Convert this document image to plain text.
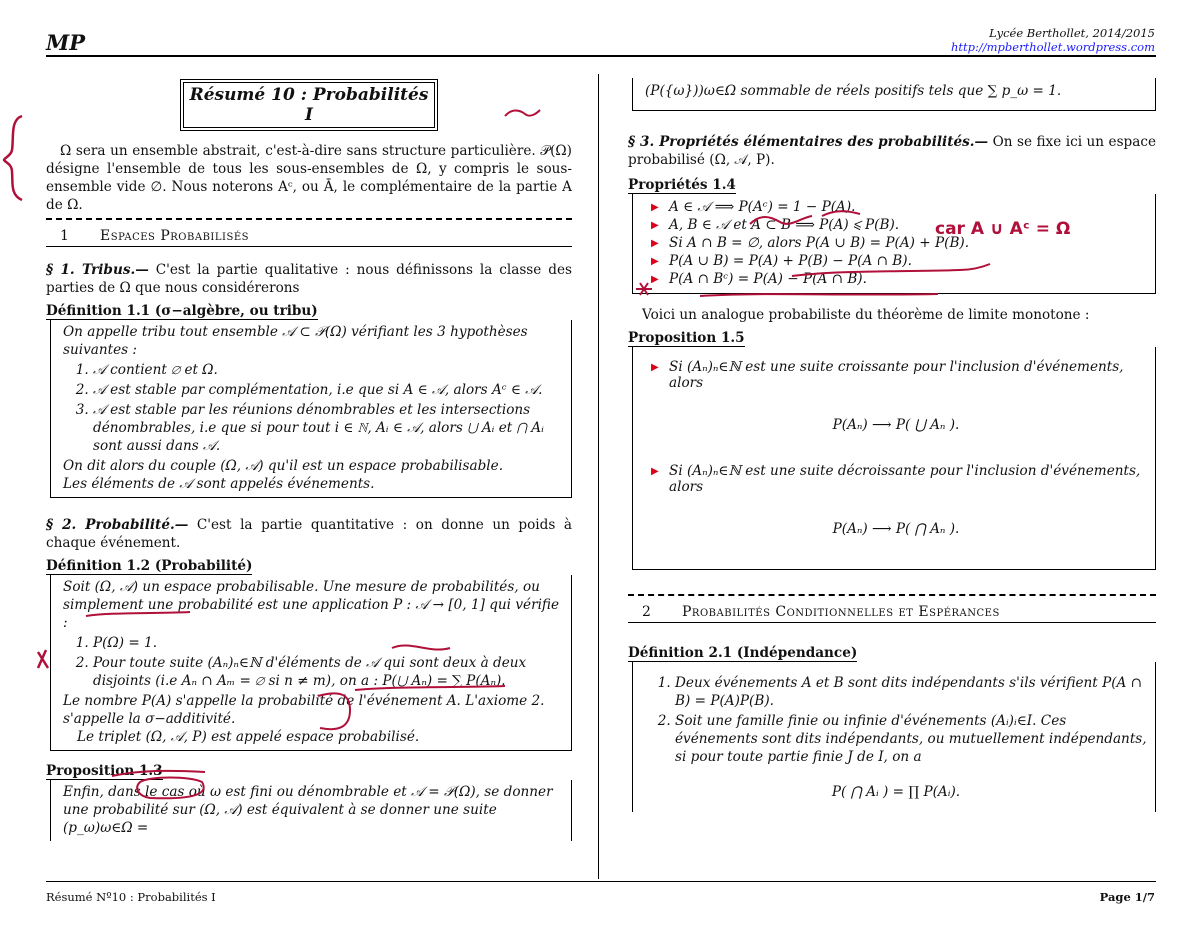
MP	Lycée Berthollet, 2014/2015
http://mpberthollet.wordpress.com
Résumé 10 : Probabilités I

Ω sera un ensemble abstrait, c'est-à-dire sans structure particulière. 𝒫(Ω) désigne l'ensemble de tous les sous-ensembles de Ω, y compris le sous-ensemble vide ∅. Nous noterons Aᶜ, ou Ā, le complémentaire de la partie A de Ω.

1 Espaces Probabilisés

§ 1. Tribus.— C'est la partie qualitative : nous définissons la classe des parties de Ω que nous considérerons

Définition 1.1 (σ−algèbre, ou tribu)

On appelle tribu tout ensemble 𝒜 ⊂ 𝒫(Ω) vérifiant les 3 hypothèses suivantes :

1. 𝒜 contient ∅ et Ω.
2. 𝒜 est stable par complémentation, i.e que si A ∈ 𝒜, alors Aᶜ ∈ 𝒜.
3. 𝒜 est stable par les réunions dénombrables et les intersections dénombrables, i.e que si pour tout i ∈ ℕ, Aᵢ ∈ 𝒜, alors ⋃ Aᵢ et ⋂ Aᵢ sont aussi dans 𝒜.

On dit alors du couple (Ω, 𝒜) qu'il est un espace probabilisable.

Les éléments de 𝒜 sont appelés événements.

§ 2. Probabilité.— C'est la partie quantitative : on donne un poids à chaque événement.

Définition 1.2 (Probabilité)

Soit (Ω, 𝒜) un espace probabilisable. Une mesure de probabilités, ou simplement une probabilité est une application P : 𝒜 → [0, 1] qui vérifie :

1. P(Ω) = 1.
2. Pour toute suite (Aₙ)ₙ∈ℕ d'éléments de 𝒜 qui sont deux à deux disjoints (i.e Aₙ ∩ Aₘ = ∅ si n ≠ m), on a : P(⋃ Aₙ) = ∑ P(Aₙ).

Le nombre P(A) s'appelle la probabilité de l'événement A. L'axiome 2. s'appelle la σ−additivité.

Le triplet (Ω, 𝒜, P) est appelé espace probabilisé.

Proposition 1.3

Enfin, dans le cas où ω est fini ou dénombrable et 𝒜 = 𝒫(Ω), se donner une probabilité sur (Ω, 𝒜) est équivalent à se donner une suite (p_ω)ω∈Ω =

(P({ω}))ω∈Ω sommable de réels positifs tels que ∑ p_ω = 1.

§ 3. Propriétés élémentaires des probabilités.— On se fixe ici un espace probabilisé (Ω, 𝒜, P).

Propriétés 1.4
▶ A ∈ 𝒜 ⟹ P(Aᶜ) = 1 − P(A).
▶ A, B ∈ 𝒜 et A ⊂ B ⟹ P(A) ⩽ P(B).
▶ Si A ∩ B = ∅, alors P(A ∪ B) = P(A) + P(B).
▶ P(A ∪ B) = P(A) + P(B) − P(A ∩ B).
▶ P(A ∩ Bᶜ) = P(A) − P(A ∩ B).

Voici un analogue probabiliste du théorème de limite monotone :

Proposition 1.5
▶ Si (Aₙ)ₙ∈ℕ est une suite croissante pour l'inclusion d'événements, alors
P(Aₙ) ⟶ P( ⋃ Aₙ ).
▶ Si (Aₙ)ₙ∈ℕ est une suite décroissante pour l'inclusion d'événements, alors
P(Aₙ) ⟶ P( ⋂ Aₙ ).
2 Probabilités Conditionnelles et Espérances
Définition 2.1 (Indépendance)
1. Deux événements A et B sont dits indépendants s'ils vérifient P(A ∩ B) = P(A)P(B).
2. Soit une famille finie ou infinie d'événements (Aᵢ)ᵢ∈I. Ces événements sont dits indépendants, ou mutuellement indépendants, si pour toute partie finie J de I, on a
P( ⋂ Aᵢ ) = ∏ P(Aᵢ).
car A ∪ Aᶜ = Ω
Résumé Nº10 : Probabilités I	Page 1/7
